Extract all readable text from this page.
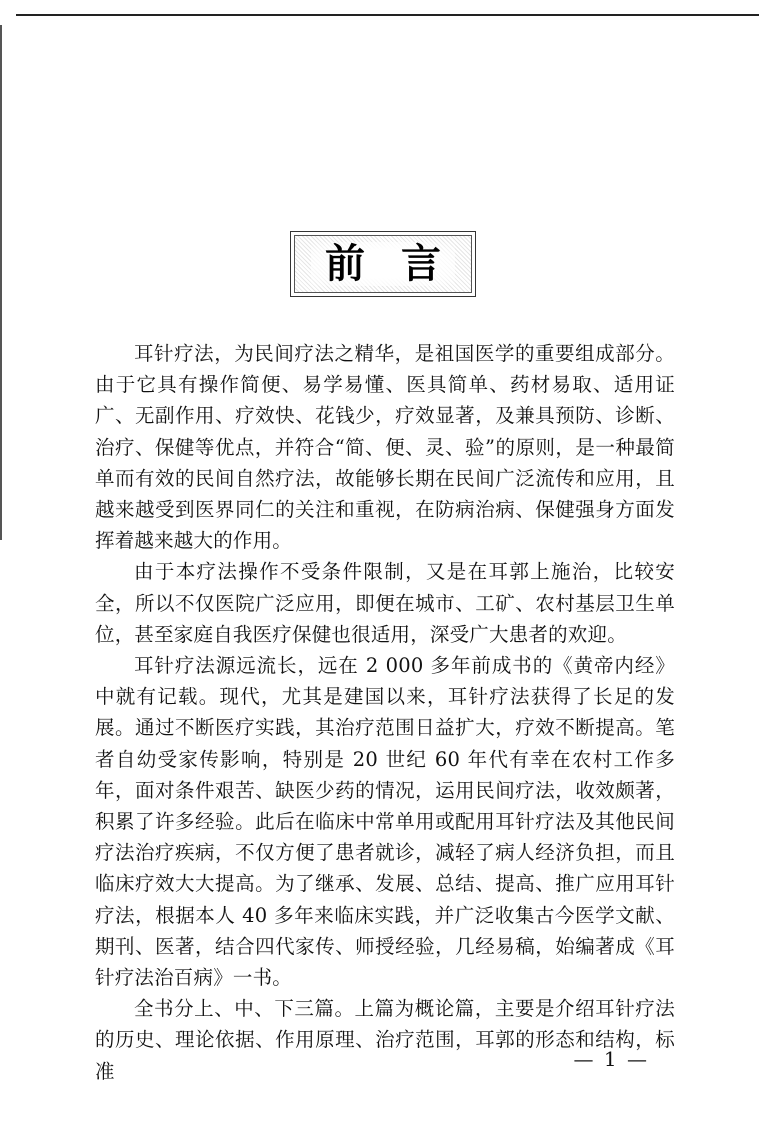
前 言

耳针疗法，为民间疗法之精华，是祖国医学的重要组成部分。由于它具有操作简便、易学易懂、医具简单、药材易取、适用证广、无副作用、疗效快、花钱少，疗效显著，及兼具预防、诊断、治疗、保健等优点，并符合“简、便、灵、验”的原则，是一种最简单而有效的民间自然疗法，故能够长期在民间广泛流传和应用，且越来越受到医界同仁的关注和重视，在防病治病、保健强身方面发挥着越来越大的作用。

由于本疗法操作不受条件限制，又是在耳郭上施治，比较安全，所以不仅医院广泛应用，即便在城市、工矿、农村基层卫生单位，甚至家庭自我医疗保健也很适用，深受广大患者的欢迎。

耳针疗法源远流长，远在 2 000 多年前成书的《黄帝内经》中就有记载。现代，尤其是建国以来，耳针疗法获得了长足的发展。通过不断医疗实践，其治疗范围日益扩大，疗效不断提高。笔者自幼受家传影响，特别是 20 世纪 60 年代有幸在农村工作多年，面对条件艰苦、缺医少药的情况，运用民间疗法，收效颇著，积累了许多经验。此后在临床中常单用或配用耳针疗法及其他民间疗法治疗疾病，不仅方便了患者就诊，减轻了病人经济负担，而且临床疗效大大提高。为了继承、发展、总结、提高、推广应用耳针疗法，根据本人 40 多年来临床实践，并广泛收集古今医学文献、期刊、医著，结合四代家传、师授经验，几经易稿，始编著成《耳针疗法治百病》一书。

全书分上、中、下三篇。上篇为概论篇，主要是介绍耳针疗法的历史、理论依据、作用原理、治疗范围，耳郭的形态和结构，标准

— 1 —
